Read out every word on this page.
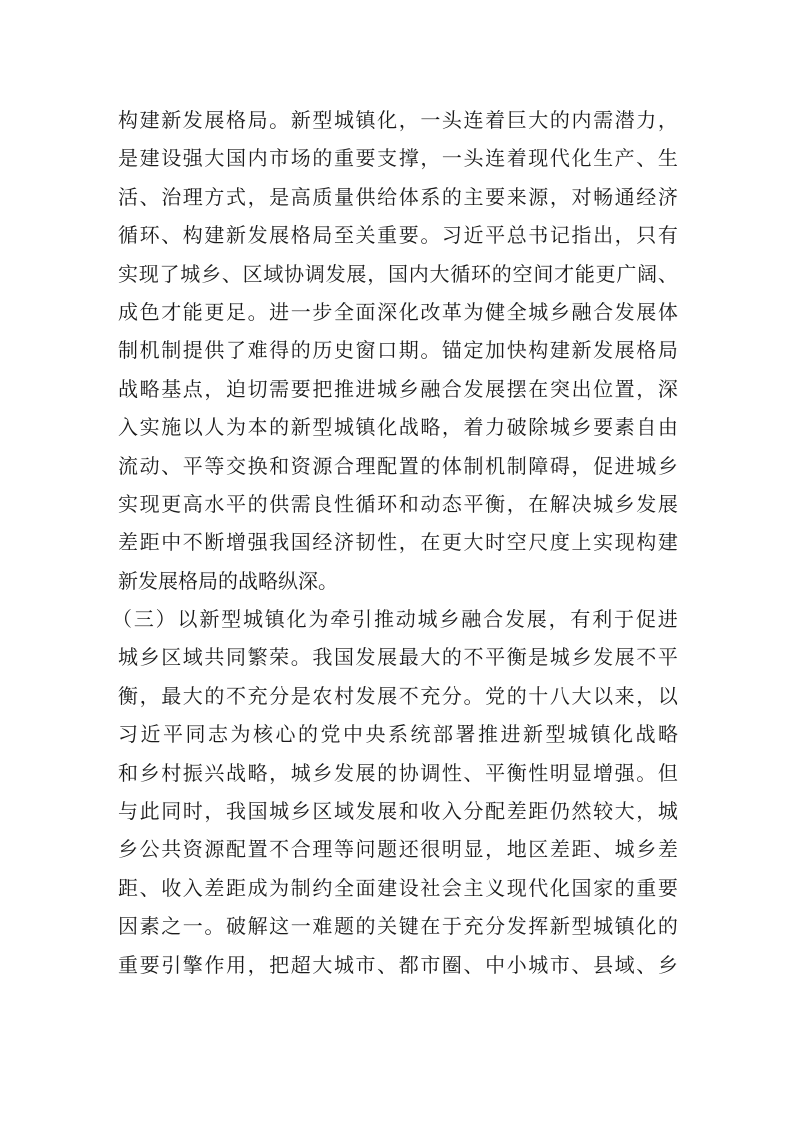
构 建 新 发 展 格 局 。 新 型 城 镇 化 ， 一 头 连 着 巨 大 的 内 需 潜 力 ，
是 建 设 强 大 国 内 市 场 的 重 要 支 撑 ， 一 头 连 着 现 代 化 生 产 、 生
活 、 治 理 方 式 ， 是 高 质 量 供 给 体 系 的 主 要 来 源 ， 对 畅 通 经 济
循 环 、 构 建 新 发 展 格 局 至 关 重 要 。 习 近 平 总 书 记 指 出 ， 只 有
实 现 了 城 乡 、 区 域 协 调 发 展 ， 国 内 大 循 环 的 空 间 才 能 更 广 阔 、
成 色 才 能 更 足 。 进 一 步 全 面 深 化 改 革 为 健 全 城 乡 融 合 发 展 体
制 机 制 提 供 了 难 得 的 历 史 窗 口 期 。 锚 定 加 快 构 建 新 发 展 格 局
战 略 基 点 ， 迫 切 需 要 把 推 进 城 乡 融 合 发 展 摆 在 突 出 位 置 ， 深
入 实 施 以 人 为 本 的 新 型 城 镇 化 战 略 ， 着 力 破 除 城 乡 要 素 自 由
流 动 、 平 等 交 换 和 资 源 合 理 配 置 的 体 制 机 制 障 碍 ， 促 进 城 乡
实 现 更 高 水 平 的 供 需 良 性 循 环 和 动 态 平 衡 ， 在 解 决 城 乡 发 展
差 距 中 不 断 增 强 我 国 经 济 韧 性 ， 在 更 大 时 空 尺 度 上 实 现 构 建
新发展格局的战略纵深。
（ 三 ） 以 新 型 城 镇 化 为 牵 引 推 动 城 乡 融 合 发 展 ， 有 利 于 促 进
城 乡 区 域 共 同 繁 荣 。 我 国 发 展 最 大 的 不 平 衡 是 城 乡 发 展 不 平
衡 ， 最 大 的 不 充 分 是 农 村 发 展 不 充 分 。 党 的 十 八 大 以 来 ， 以
习 近 平 同 志 为 核 心 的 党 中 央 系 统 部 署 推 进 新 型 城 镇 化 战 略
和 乡 村 振 兴 战 略 ， 城 乡 发 展 的 协 调 性 、 平 衡 性 明 显 增 强 。 但
与 此 同 时 ， 我 国 城 乡 区 域 发 展 和 收 入 分 配 差 距 仍 然 较 大 ， 城
乡 公 共 资 源 配 置 不 合 理 等 问 题 还 很 明 显 ， 地 区 差 距 、 城 乡 差
距 、 收 入 差 距 成 为 制 约 全 面 建 设 社 会 主 义 现 代 化 国 家 的 重 要
因 素 之 一 。 破 解 这 一 难 题 的 关 键 在 于 充 分 发 挥 新 型 城 镇 化 的
重 要 引 擎 作 用 ， 把 超 大 城 市 、 都 市 圈 、 中 小 城 市 、 县 域 、 乡
